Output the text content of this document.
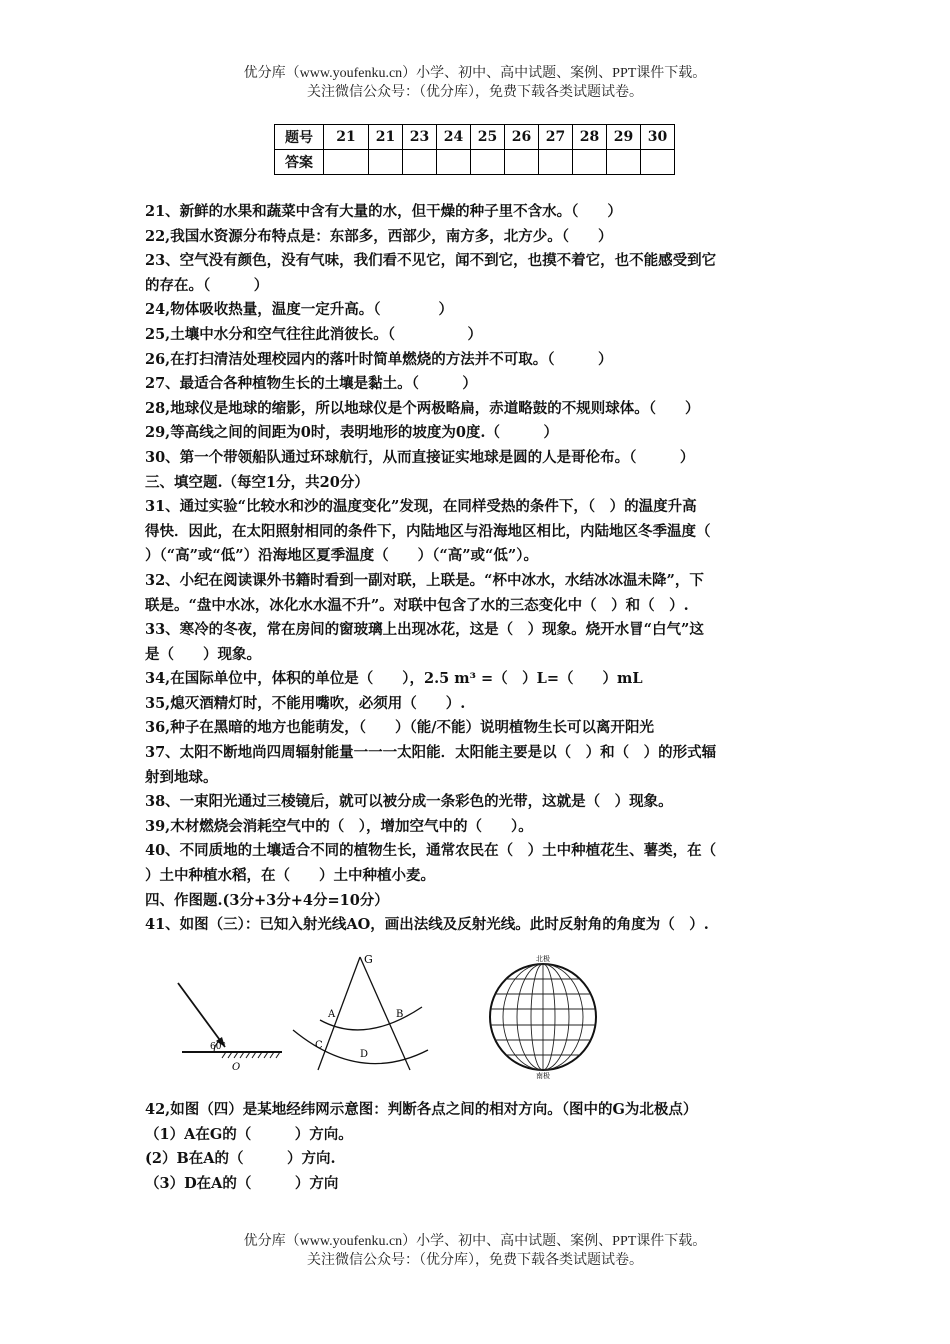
优分库（www.youfenku.cn）小学、初中、高中试题、案例、PPT课件下载。
关注微信公众号：（优分库），免费下载各类试题试卷。
题号	21	21	23	24	25	26	27	28	29	30
答案										

21、新鲜的水果和蔬菜中含有大量的水，但干燥的种子里不含水。（　　）

22,我国水资源分布特点是：东部多，西部少，南方多，北方少。（　　）

23、空气没有颜色，没有气味，我们看不见它，闻不到它，也摸不着它，也不能感受到它

的存在。（　　　）

24,物体吸收热量，温度一定升高。（　　　　）

25,土壤中水分和空气往往此消彼长。（　　　　　）

26,在打扫清洁处理校园内的落叶时简单燃烧的方法并不可取。（　　　）

27、最适合各种植物生长的土壤是黏土。（　　　）

28,地球仪是地球的缩影，所以地球仪是个两极略扁，赤道略鼓的不规则球体。（　　）

29,等高线之间的间距为0时，表明地形的坡度为0度.（　　　）

30、第一个带领船队通过环球航行，从而直接证实地球是圆的人是哥伦布。（　　　）

三、填空题.（每空1分，共20分）

31、通过实验“比较水和沙的温度变化”发现，在同样受热的条件下，（　）的温度升高

得快．因此，在太阳照射相同的条件下，内陆地区与沿海地区相比，内陆地区冬季温度（

）（“高”或“低”）沿海地区夏季温度（　　）（“高”或“低”）。

32、小纪在阅读课外书籍时看到一副对联，上联是。“杯中冰水，水结冰冰温未降”，下

联是。“盘中水冰，冰化水水温不升”。对联中包含了水的三态变化中（　）和（　）.

33、寒冷的冬夜，常在房间的窗玻璃上出现冰花，这是（　）现象。烧开水冒“白气”这

是（　　）现象。

34,在国际单位中，体积的单位是（　　），2.5 m³ =（　）L=（　　）mL

35,熄灭酒精灯时，不能用嘴吹，必须用（　　）.

36,种子在黑暗的地方也能萌发，（　　）（能/不能）说明植物生长可以离开阳光

37、太阳不断地尚四周辐射能量一一一太阳能．太阳能主要是以（　）和（　）的形式辐

射到地球。

38、一束阳光通过三棱镜后，就可以被分成一条彩色的光带，这就是（　）现象。

39,木材燃烧会消耗空气中的（　），增加空气中的（　　）。

40、不同质地的土壤适合不同的植物生长，通常农民在（　）土中种植花生、薯类，在（

）土中种植水稻，在（　　）土中种植小麦。

四、作图题.(3分+3分+4分=10分）

41、如图（三）：已知入射光线AO，画出法线及反射光线。此时反射角的角度为（　）.

60°
O
G
A	B
C
D
北极
南极

42,如图（四）是某地经纬网示意图：判断各点之间的相对方向。（图中的G为北极点）

（1）A在G的（　　　）方向。

(2）B在A的（　　　）方向.

（3）D在A的（　　　）方向

优分库（www.youfenku.cn）小学、初中、高中试题、案例、PPT课件下载。
关注微信公众号：（优分库），免费下载各类试题试卷。
